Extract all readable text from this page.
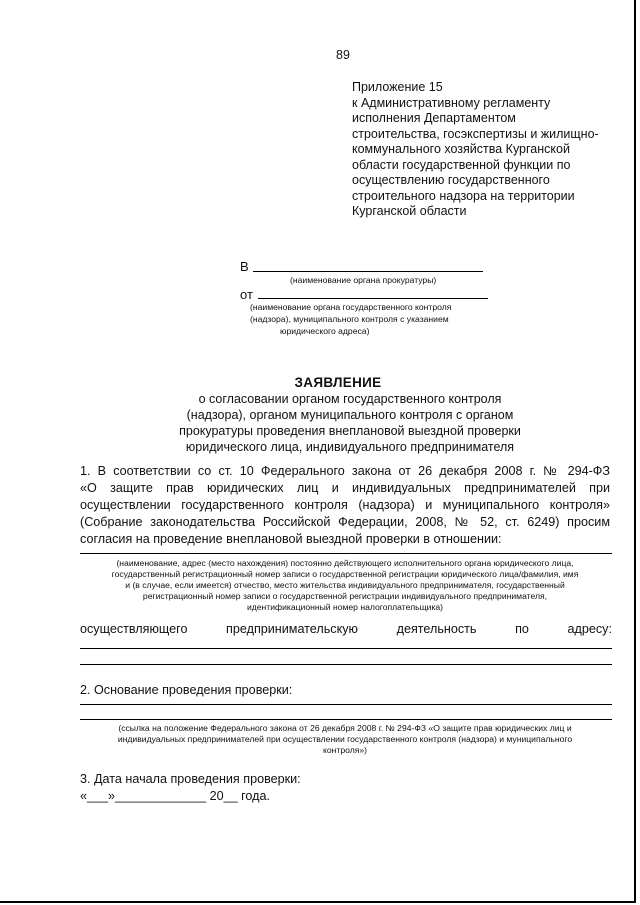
89
Приложение 15
к Административному регламенту
исполнения Департаментом
строительства, госэкспертизы и жилищно-
коммунального хозяйства Курганской
области государственной функции по
осуществлению государственного
строительного надзора на территории
Курганской области
В
(наименование органа прокуратуры)
от
(наименование органа государственного контроля
(надзора), муниципального контроля с указанием
юридического адреса)
ЗАЯВЛЕНИЕ
о согласовании органом государственного контроля
(надзора), органом муниципального контроля с органом
прокуратуры проведения внеплановой выездной проверки
юридического лица, индивидуального предпринимателя
1. В соответствии со ст. 10 Федерального закона от 26 декабря 2008 г. № 294-ФЗ
«О защите прав юридических лиц и индивидуальных предпринимателей при
осуществлении государственного контроля (надзора) и муниципального контроля»
(Собрание законодательства Российской Федерации, 2008, № 52, ст. 6249) просим
согласия на проведение внеплановой выездной проверки в отношении:
(наименование, адрес (место нахождения) постоянно действующего исполнительного органа юридического лица,
государственный регистрационный номер записи о государственной регистрации юридического лица/фамилия, имя
и (в случае, если имеется) отчество, место жительства индивидуального предпринимателя, государственный
регистрационный номер записи о государственной регистрации индивидуального предпринимателя,
идентификационный номер налогоплательщика)
осуществляющего	предпринимательскую	деятельность	по	адресу:
2. Основание проведения проверки:
(ссылка на положение Федерального закона от 26 декабря 2008 г. № 294-ФЗ «О защите прав юридических лиц и
индивидуальных предпринимателей при осуществлении государственного контроля (надзора) и муниципального
контроля»)
3. Дата начала проведения проверки:
«___»_____________ 20__ года.
